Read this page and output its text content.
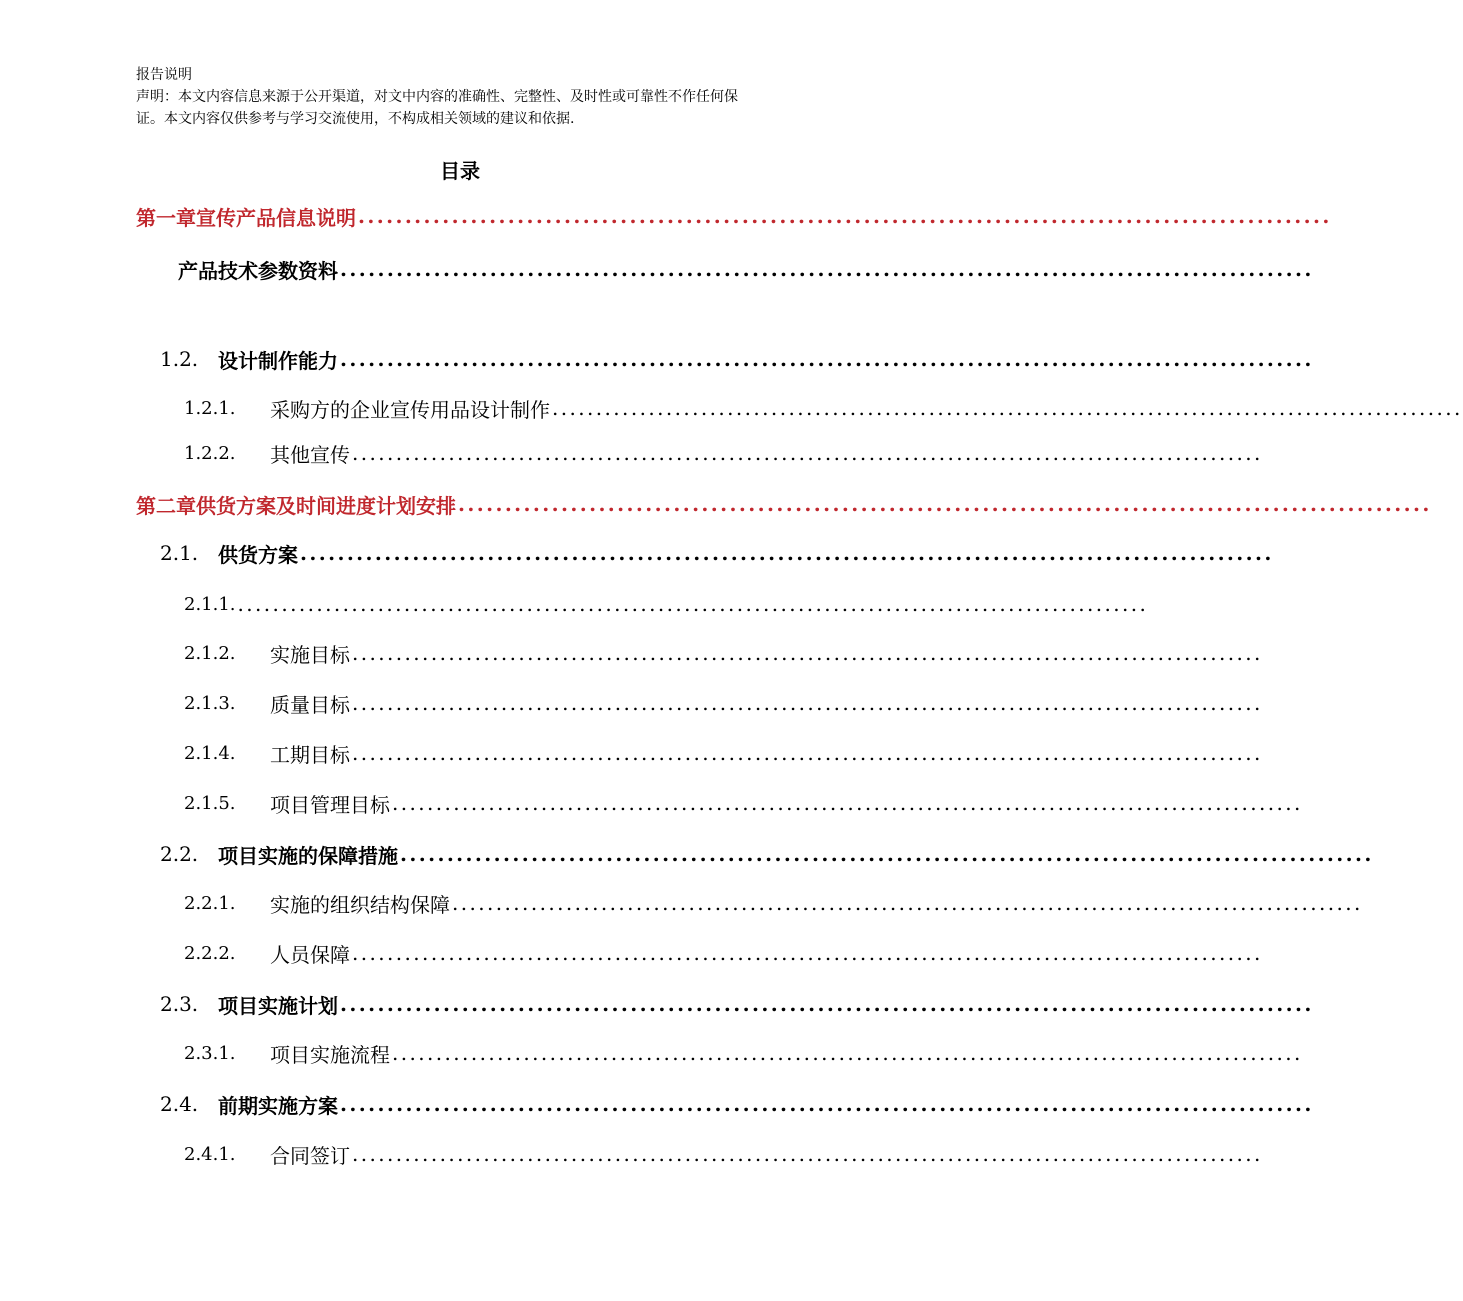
报告说明

声明：本文内容信息来源于公开渠道，对文中内容的准确性、完整性、及时性或可靠性不作任何保

证。本文内容仅供参考与学习交流使用，不构成相关领域的建议和依据.

目录
第一章宣传产品信息说明 ........................................................................................................
产品技术参数资料 ........................................................................................................
1.2. 设计制作能力 ........................................................................................................
1.2.1.	采购方的企业宣传用品设计制作 ........................................................................................................
1.2.2.	其他宣传 ........................................................................................................
第二章供货方案及时间进度计划安排 ........................................................................................................
2.1. 供货方案 ........................................................................................................
2.1.1. ........................................................................................................
2.1.2.	实施目标 ........................................................................................................
2.1.3.	质量目标 ........................................................................................................
2.1.4.	工期目标 ........................................................................................................
2.1.5.	项目管理目标 ........................................................................................................
2.2. 项目实施的保障措施 ........................................................................................................
2.2.1.	实施的组织结构保障 ........................................................................................................
2.2.2.	人员保障 ........................................................................................................
2.3. 项目实施计划 ........................................................................................................
2.3.1.	项目实施流程 ........................................................................................................
2.4. 前期实施方案 ........................................................................................................
2.4.1.	合同签订 ........................................................................................................
